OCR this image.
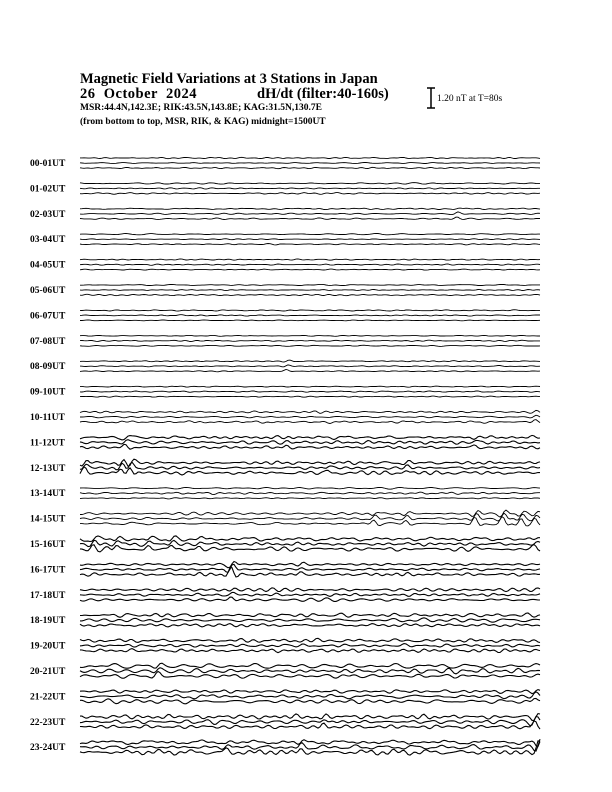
Magnetic Field Variations at 3 Stations in Japan
26  October  2024	dH/dt (filter:40-160s)
MSR:44.4N,142.3E; RIK:43.5N,143.8E; KAG:31.5N,130.7E
(from bottom to top, MSR, RIK, & KAG) midnight=1500UT
1.20 nT at T=80s
00-01UT
01-02UT
02-03UT
03-04UT
04-05UT
05-06UT
06-07UT
07-08UT
08-09UT
09-10UT
10-11UT
11-12UT
12-13UT
13-14UT
14-15UT
15-16UT
16-17UT
17-18UT
18-19UT
19-20UT
20-21UT
21-22UT
22-23UT
23-24UT
